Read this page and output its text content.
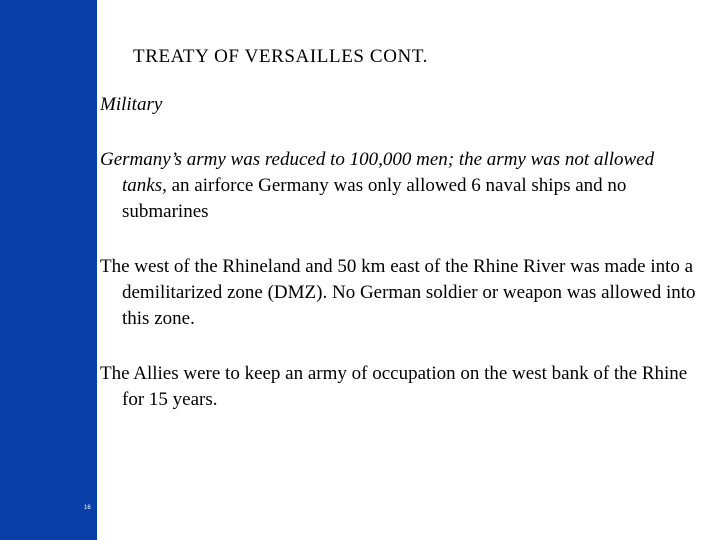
16
TREATY OF VERSAILLES CONT.

Military

Germany’s army was reduced to 100,000 men; the army was not allowed tanks, an airforce Germany was only allowed 6 naval ships and no submarines

The west of the Rhineland and 50 km east of the Rhine River was made into a demilitarized zone (DMZ). No German soldier or weapon was allowed into this zone.

The Allies were to keep an army of occupation on the west bank of the Rhine for 15 years.
